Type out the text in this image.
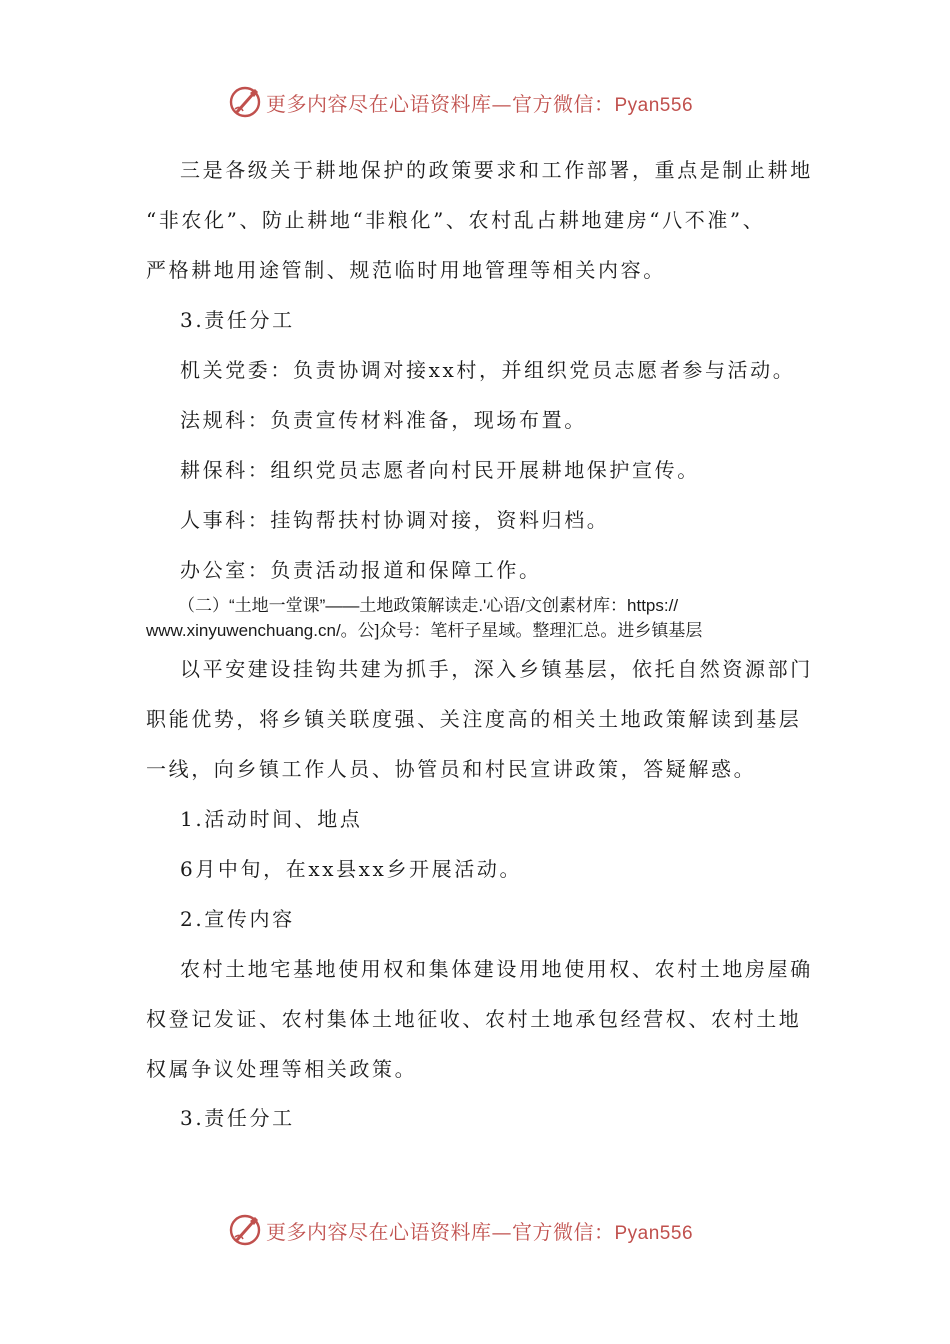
更多内容尽在心语资料库—官方微信：Pyan556
三是各级关于耕地保护的政策要求和工作部署，重点是制止耕地
“非农化”、防止耕地“非粮化”、农村乱占耕地建房“八不准”、
严格耕地用途管制、规范临时用地管理等相关内容。
3.责任分工
机关党委：负责协调对接xx村，并组织党员志愿者参与活动。
法规科：负责宣传材料准备，现场布置。
耕保科：组织党员志愿者向村民开展耕地保护宣传。
人事科：挂钩帮扶村协调对接，资料归档。
办公室：负责活动报道和保障工作。
（二）“土地一堂课”——土地政策解读走.'心语/文创素材库：https://
www.xinyuwenchuang.cn/。公]众号：笔杆子星域。整理汇总。进乡镇基层
以平安建设挂钩共建为抓手，深入乡镇基层，依托自然资源部门
职能优势，将乡镇关联度强、关注度高的相关土地政策解读到基层
一线，向乡镇工作人员、协管员和村民宣讲政策，答疑解惑。
1.活动时间、地点
6月中旬，在xx县xx乡开展活动。
2.宣传内容
农村土地宅基地使用权和集体建设用地使用权、农村土地房屋确
权登记发证、农村集体土地征收、农村土地承包经营权、农村土地
权属争议处理等相关政策。
3.责任分工
更多内容尽在心语资料库—官方微信：Pyan556
